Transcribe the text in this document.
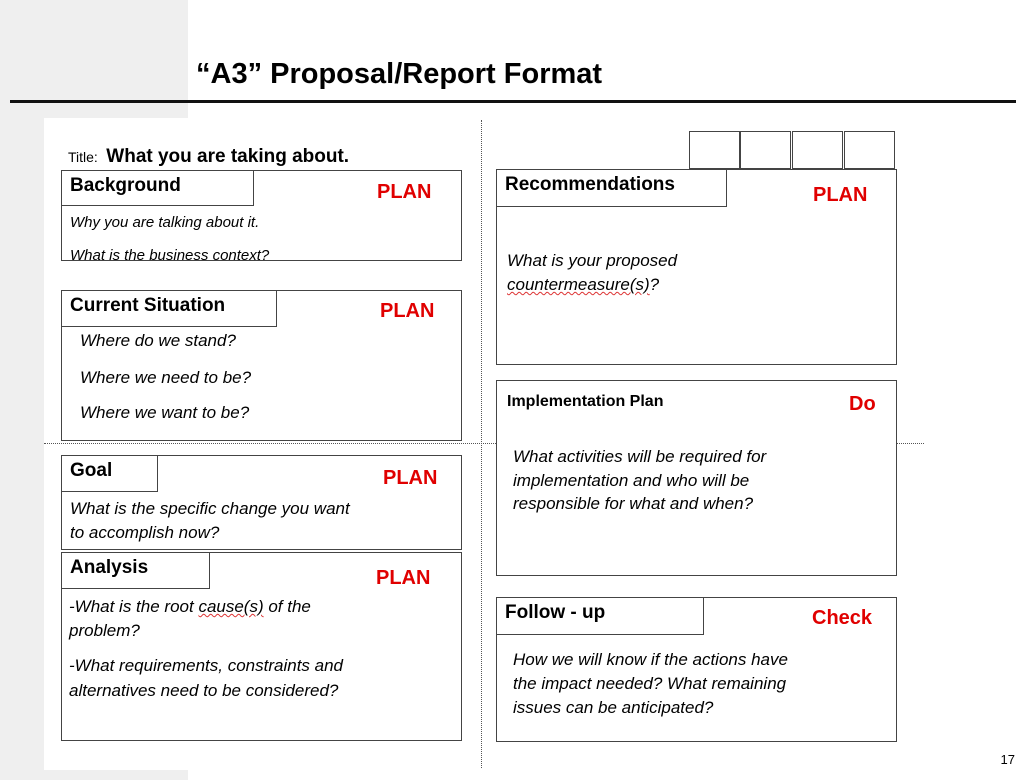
“A3” Proposal/Report Format
Title: What you are taking about.
Background
Why you are talking about it.
What is the business context?
PLAN
Current Situation
Where do we stand?
Where we need to be?
Where we want to be?
PLAN
Goal
What is the specific change you want
to accomplish now?
PLAN
Analysis
-What is the root cause(s) of the
problem?
-What requirements, constraints and
alternatives need to be considered?
PLAN
Recommendations
What is your proposed
countermeasure(s)?
PLAN
Implementation Plan
What activities will be required for
implementation and who will be
responsible for what and when?
Do
Follow - up
How we will know if the actions have
the impact needed? What remaining
issues can be anticipated?
Check
17
